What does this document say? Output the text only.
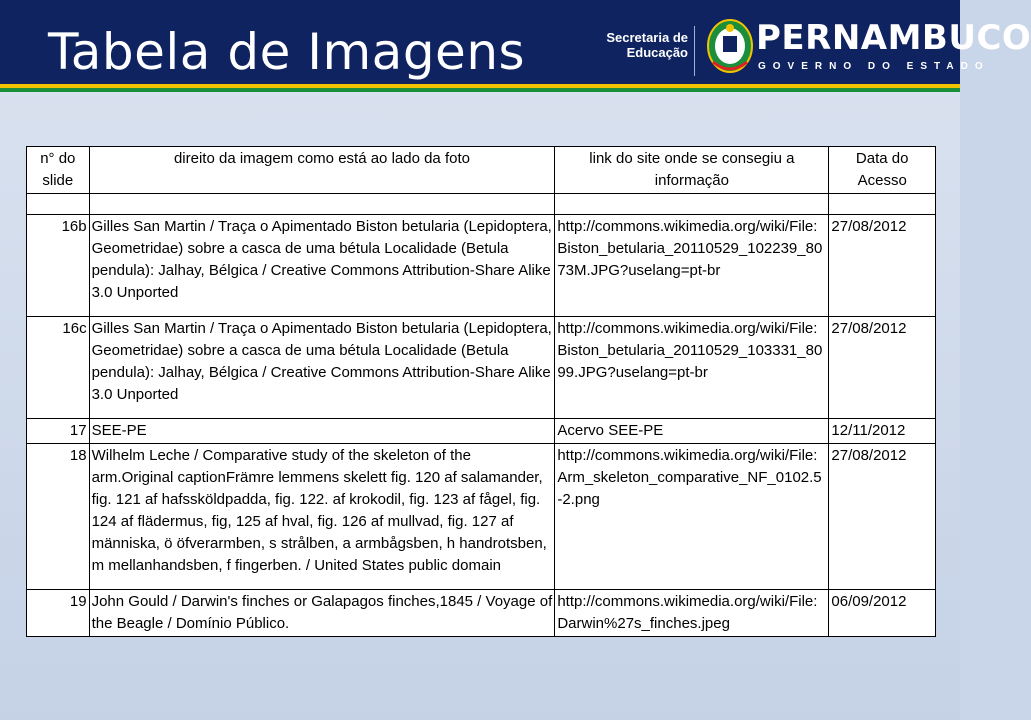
Tabela de Imagens	Secretaria de
Educação PERNAMBUCO
GOVERNO DO ESTADO
n° do slide	direito da imagem como está ao lado da foto	link do site onde se consegiu a informação	Data do Acesso

16b	Gilles San Martin / Traça o Apimentado Biston betularia (Lepidoptera, Geometridae) sobre a casca de uma bétula Localidade (Betula pendula): Jalhay, Bélgica / Creative Commons Attribution-Share Alike 3.0 Unported	http://commons.wikimedia.org/wiki/File:Biston_betularia_20110529_102239_8073M.JPG?uselang=pt-br	27/08/2012
16c	Gilles San Martin / Traça o Apimentado Biston betularia (Lepidoptera, Geometridae) sobre a casca de uma bétula Localidade (Betula pendula): Jalhay, Bélgica / Creative Commons Attribution-Share Alike 3.0 Unported	http://commons.wikimedia.org/wiki/File:Biston_betularia_20110529_103331_8099.JPG?uselang=pt-br	27/08/2012
17	SEE-PE	Acervo SEE-PE	12/11/2012
18	Wilhelm Leche / Comparative study of the skeleton of the arm.Original captionFrämre lemmens skelett fig. 120 af salamander, fig. 121 af hafssköldpadda, fig. 122. af krokodil, fig. 123 af fågel, fig. 124 af flädermus, fig, 125 af hval, fig. 126 af mullvad, fig. 127 af människa, ö öfverarmben, s strålben, a armbågsben, h handrotsben, m mellanhandsben, f fingerben. / United States public domain	http://commons.wikimedia.org/wiki/File:Arm_skeleton_comparative_NF_0102.5-2.png	27/08/2012
19	John Gould / Darwin's finches or Galapagos finches,1845 / Voyage of the Beagle / Domínio Público.	http://commons.wikimedia.org/wiki/File:Darwin%27s_finches.jpeg	06/09/2012
